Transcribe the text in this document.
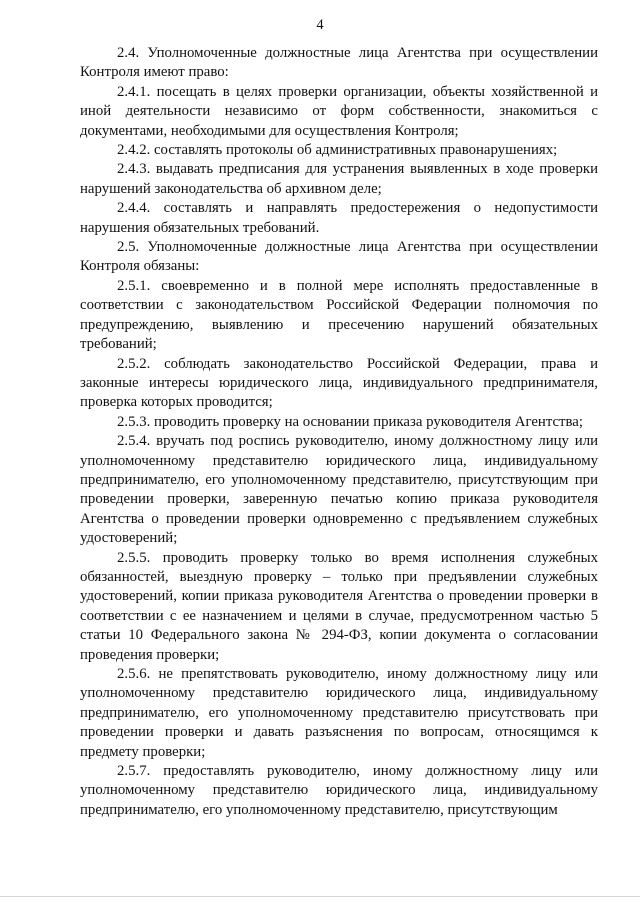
4

2.4. Уполномоченные должностные лица Агентства при осуществлении Контроля имеют право:

2.4.1. посещать в целях проверки организации, объекты хозяйственной и иной деятельности независимо от форм собственности, знакомиться с документами, необходимыми для осуществления Контроля;

2.4.2. составлять протоколы об административных правонарушениях;

2.4.3. выдавать предписания для устранения выявленных в ходе проверки нарушений законодательства об архивном деле;

2.4.4. составлять и направлять предостережения о недопустимости нарушения обязательных требований.

2.5. Уполномоченные должностные лица Агентства при осуществлении Контроля обязаны:

2.5.1. своевременно и в полной мере исполнять предоставленные в соответствии с законодательством Российской Федерации полномочия по предупреждению, выявлению и пресечению нарушений обязательных требований;

2.5.2. соблюдать законодательство Российской Федерации, права и законные интересы юридического лица, индивидуального предпринимателя, проверка которых проводится;

2.5.3. проводить проверку на основании приказа руководителя Агентства;

2.5.4. вручать под роспись руководителю, иному должностному лицу или уполномоченному представителю юридического лица, индивидуальному предпринимателю, его уполномоченному представителю, присутствующим при проведении проверки, заверенную печатью копию приказа руководителя Агентства о проведении проверки одновременно с предъявлением служебных удостоверений;

2.5.5. проводить проверку только во время исполнения служебных обязанностей, выездную проверку – только при предъявлении служебных удостоверений, копии приказа руководителя Агентства о проведении проверки в соответствии с ее назначением и целями в случае, предусмотренном частью 5 статьи 10 Федерального закона № 294-ФЗ, копии документа о согласовании проведения проверки;

2.5.6. не препятствовать руководителю, иному должностному лицу или уполномоченному представителю юридического лица, индивидуальному предпринимателю, его уполномоченному представителю присутствовать при проведении проверки и давать разъяснения по вопросам, относящимся к предмету проверки;

2.5.7. предоставлять руководителю, иному должностному лицу или уполномоченному представителю юридического лица, индивидуальному предпринимателю, его уполномоченному представителю, присутствующим
